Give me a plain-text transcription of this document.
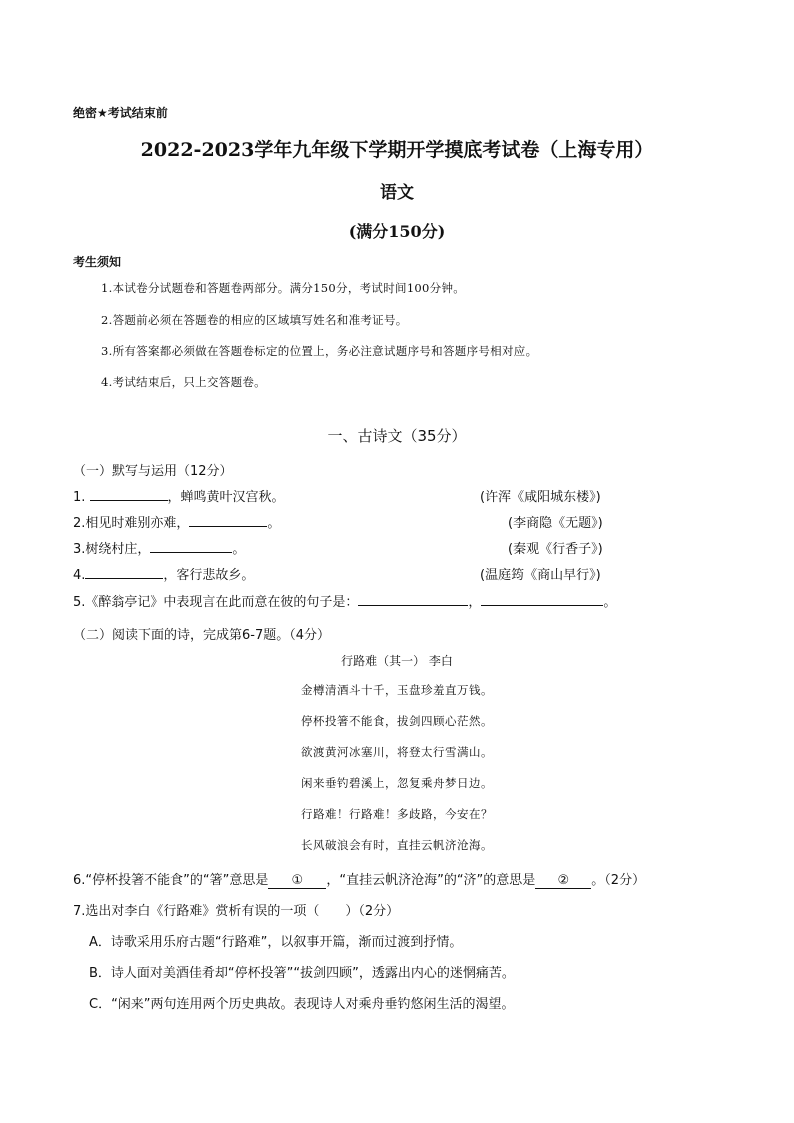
绝密★考试结束前
2022-2023学年九年级下学期开学摸底考试卷（上海专用）
语文
(满分150分)
考生须知
1.本试卷分试题卷和答题卷两部分。满分150分，考试时间100分钟。
2.答题前必须在答题卷的相应的区域填写姓名和准考证号。
3.所有答案都必须做在答题卷标定的位置上，务必注意试题序号和答题序号相对应。
4.考试结束后，只上交答题卷。
一、古诗文（35分）
（一）默写与运用（12分）
1.	，蝉鸣黄叶汉宫秋。	(许浑《咸阳城东楼》)
2.相见时难别亦难，	。	(李商隐《无题》)
3.树绕村庄，	。	(秦观《行香子》)
4.	，客行悲故乡。	(温庭筠《商山早行》)
5.《醉翁亭记》中表现言在此而意在彼的句子是：	，	。
（二）阅读下面的诗，完成第6-7题。（4分）
行路难（其一） 李白
金樽清酒斗十千，玉盘珍羞直万钱。
停杯投箸不能食，拔剑四顾心茫然。
欲渡黄河冰塞川，将登太行雪满山。
闲来垂钓碧溪上，忽复乘舟梦日边。
行路难！行路难！多歧路，今安在？
长风破浪会有时，直挂云帆济沧海。
6.“停杯投箸不能食”的“箸”意思是 ① ，“直挂云帆济沧海”的“济”的意思是 ② 。（2分）
7.选出对李白《行路难》赏析有误的一项（　　）（2分）
A．诗歌采用乐府古题“行路难”，以叙事开篇，渐而过渡到抒情。
B．诗人面对美酒佳肴却“停杯投箸”“拔剑四顾”，透露出内心的迷惘痛苦。
C．“闲来”两句连用两个历史典故。表现诗人对乘舟垂钓悠闲生活的渴望。
